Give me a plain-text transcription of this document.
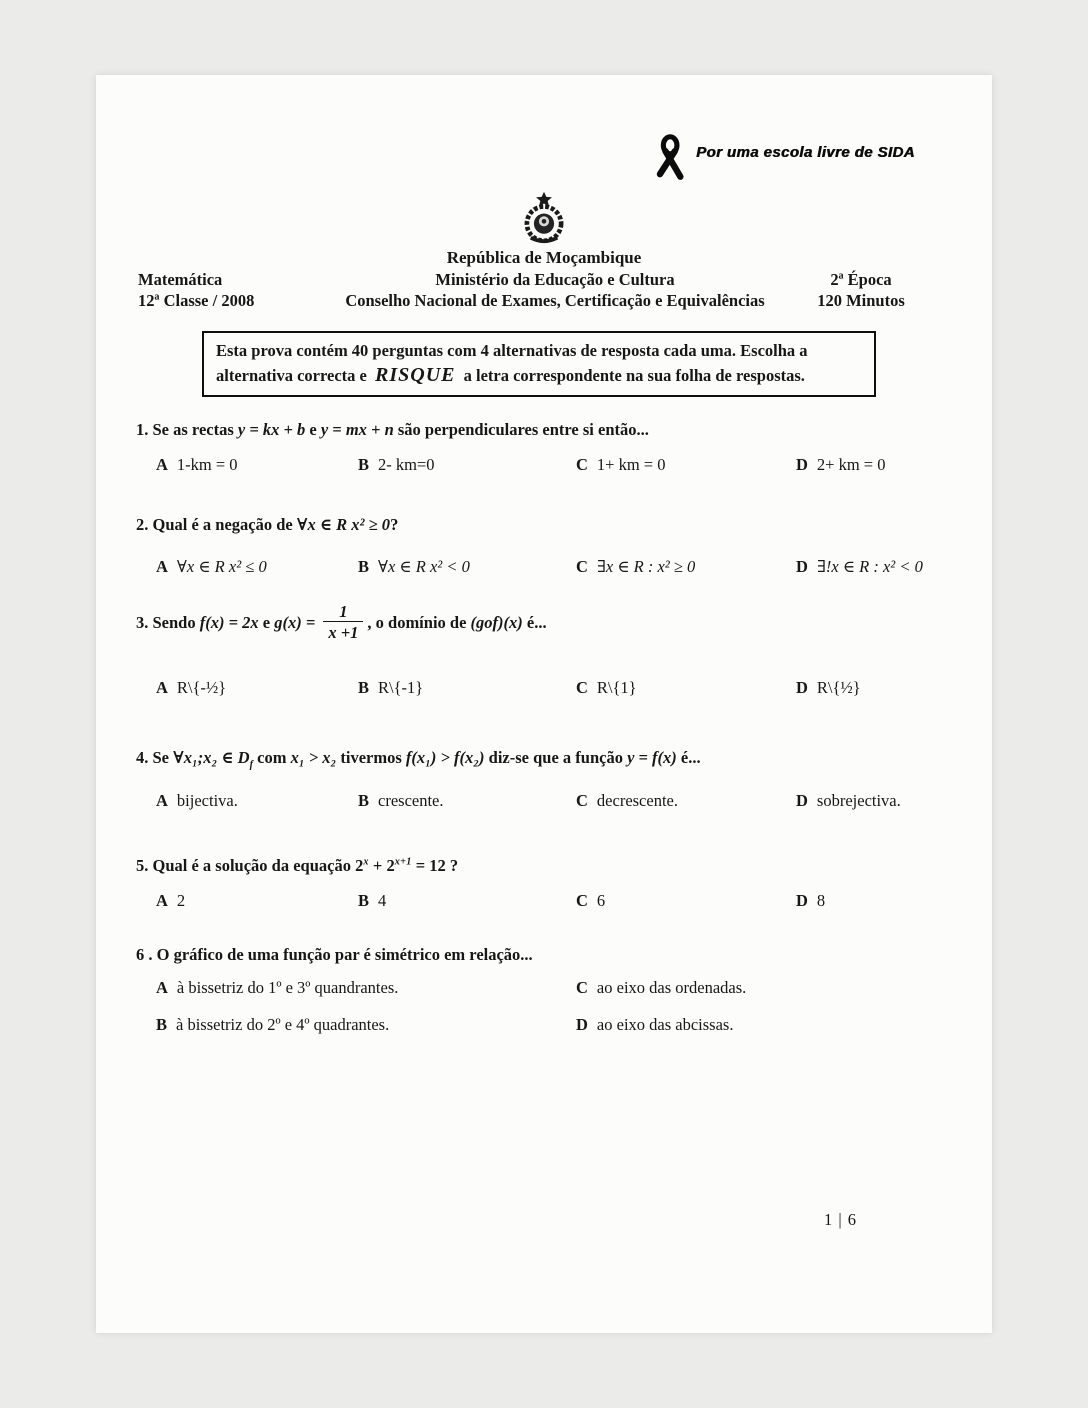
Por uma escola livre de SIDA
República de Moçambique
Matemática
12ª Classe / 2008
Ministério da Educação e Cultura
Conselho Nacional de Exames, Certificação e Equivalências
2ª Época
120 Minutos
Esta prova contém 40 perguntas com 4 alternativas de resposta cada uma. Escolha a alternativa correcta e RISQUE a letra correspondente na sua folha de respostas.
1. Se as rectas y = kx + b e y = mx + n são perpendiculares entre si então...
A 1-km = 0	B 2- km=0	C 1+ km = 0	D 2+ km = 0
2. Qual é a negação de ∀x ∈ R x² ≥ 0?
A ∀x ∈ R x² ≤ 0	B ∀x ∈ R x² < 0	C ∃x ∈ R : x² ≥ 0	D ∃!x ∈ R : x² < 0
3. Sendo f(x) = 2x e $g(x) = \frac{1}{x +1}$ , o domínio de (gof)(x) é...
A R\{-½}	B R\{-1}	C R\{1}	D R\{½}
4. Se ∀x₁;x₂ ∈ $D_f$ com x₁ > x₂ tivermos f(x₁) > f(x₂) diz-se que a função y = f(x) é...
A bijectiva.	B crescente.	C decrescente.	D sobrejectiva.
5. Qual é a solução da equação $2^x + 2^{x+1} = 12$ ?
A 2	B 4	C 6	D 8
6 . O gráfico de uma função par é simétrico em relação...
A à bissetriz do 1º e 3º quandrantes.
B à bissetriz do 2º e 4º quadrantes.
C ao eixo das ordenadas.
D ao eixo das abcissas.
1 | 6
